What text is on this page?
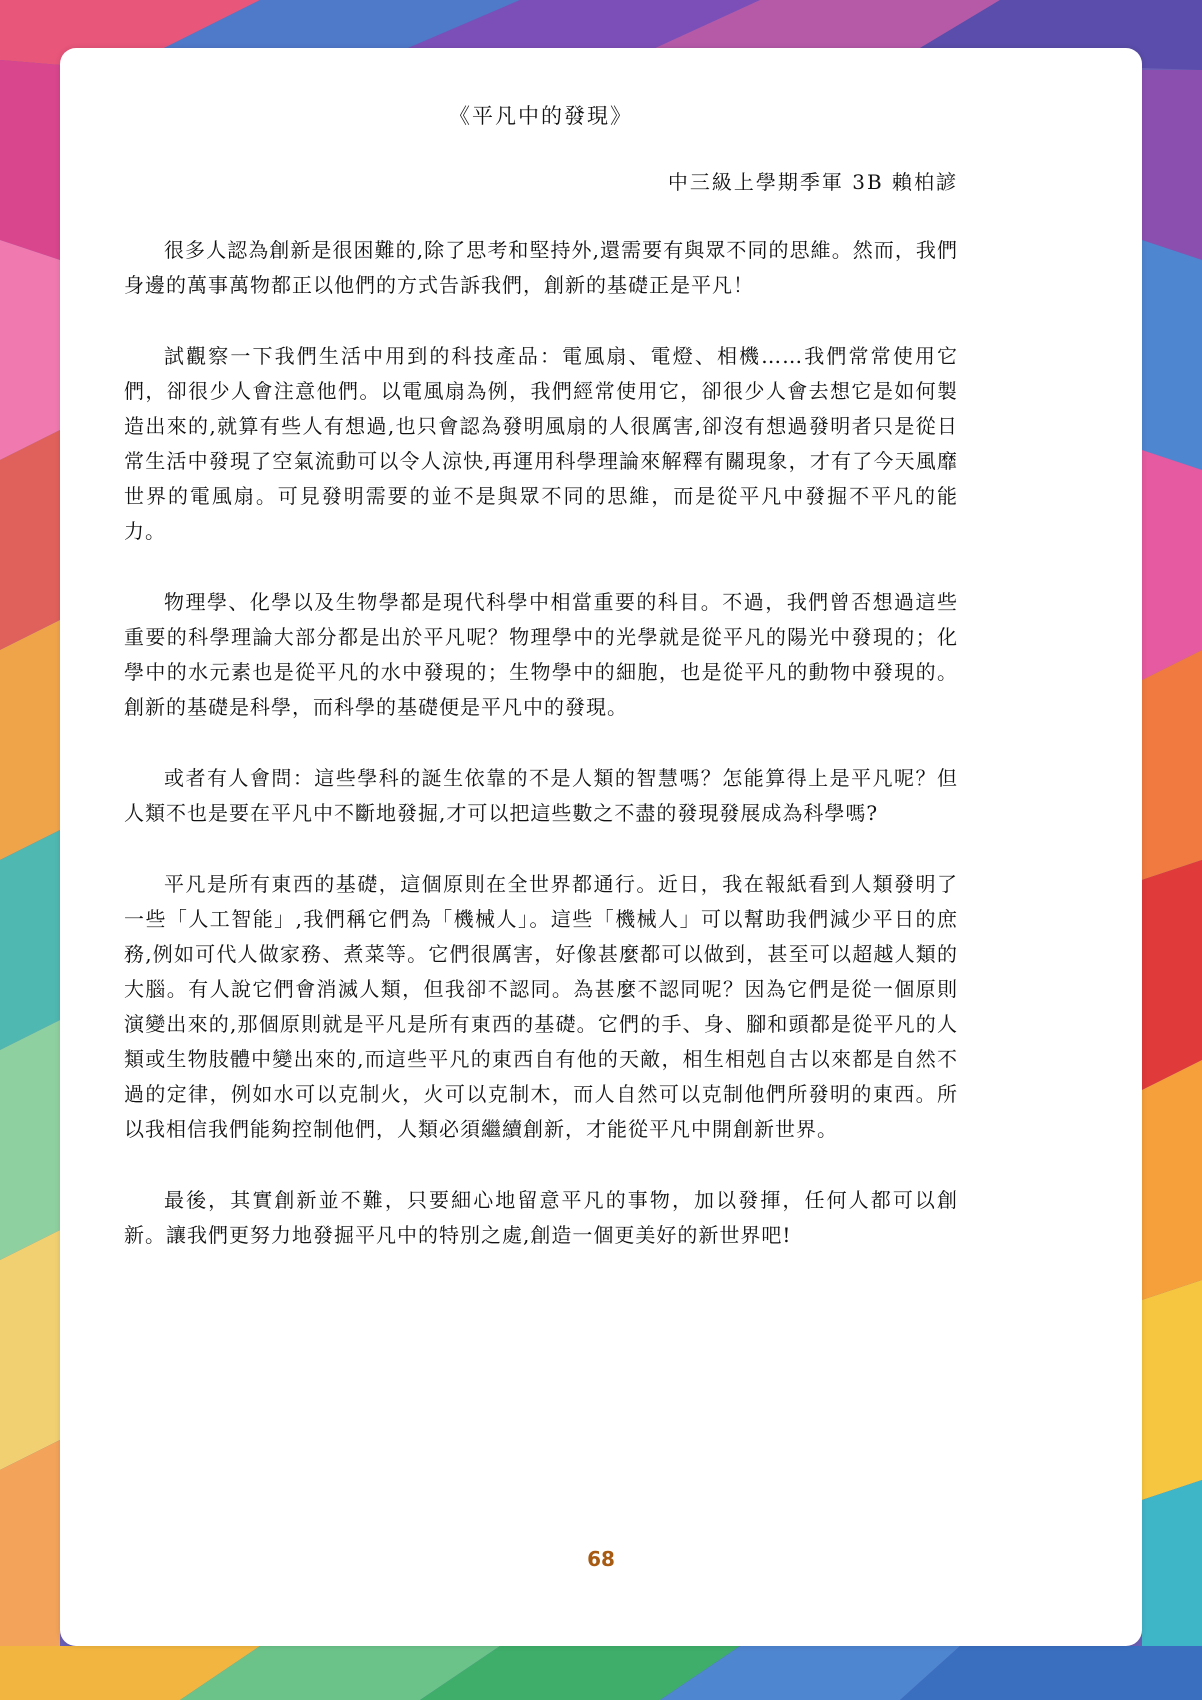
《平凡中的發現》

中三級上學期季軍 3B 賴柏諺

很多人認為創新是很困難的,除了思考和堅持外,還需要有與眾不同的思維。然而，我們身邊的萬事萬物都正以他們的方式告訴我們，創新的基礎正是平凡！

試觀察一下我們生活中用到的科技產品：電風扇、電燈、相機……我們常常使用它們，卻很少人會注意他們。以電風扇為例，我們經常使用它，卻很少人會去想它是如何製造出來的,就算有些人有想過,也只會認為發明風扇的人很厲害,卻沒有想過發明者只是從日常生活中發現了空氣流動可以令人涼快,再運用科學理論來解釋有關現象，才有了今天風靡世界的電風扇。可見發明需要的並不是與眾不同的思維，而是從平凡中發掘不平凡的能力。

物理學、化學以及生物學都是現代科學中相當重要的科目。不過，我們曾否想過這些重要的科學理論大部分都是出於平凡呢？物理學中的光學就是從平凡的陽光中發現的；化學中的水元素也是從平凡的水中發現的；生物學中的細胞，也是從平凡的動物中發現的。創新的基礎是科學，而科學的基礎便是平凡中的發現。

或者有人會問：這些學科的誕生依靠的不是人類的智慧嗎？怎能算得上是平凡呢？但人類不也是要在平凡中不斷地發掘,才可以把這些數之不盡的發現發展成為科學嗎?

平凡是所有東西的基礎，這個原則在全世界都通行。近日，我在報紙看到人類發明了一些「人工智能」,我們稱它們為「機械人」。這些「機械人」可以幫助我們減少平日的庶務,例如可代人做家務、煮菜等。它們很厲害，好像甚麼都可以做到，甚至可以超越人類的大腦。有人說它們會消滅人類，但我卻不認同。為甚麼不認同呢？因為它們是從一個原則演變出來的,那個原則就是平凡是所有東西的基礎。它們的手、身、腳和頭都是從平凡的人類或生物肢體中變出來的,而這些平凡的東西自有他的天敵，相生相剋自古以來都是自然不過的定律，例如水可以克制火，火可以克制木，而人自然可以克制他們所發明的東西。所以我相信我們能夠控制他們，人類必須繼續創新，才能從平凡中開創新世界。

最後，其實創新並不難，只要細心地留意平凡的事物，加以發揮，任何人都可以創新。讓我們更努力地發掘平凡中的特別之處,創造一個更美好的新世界吧!

68
